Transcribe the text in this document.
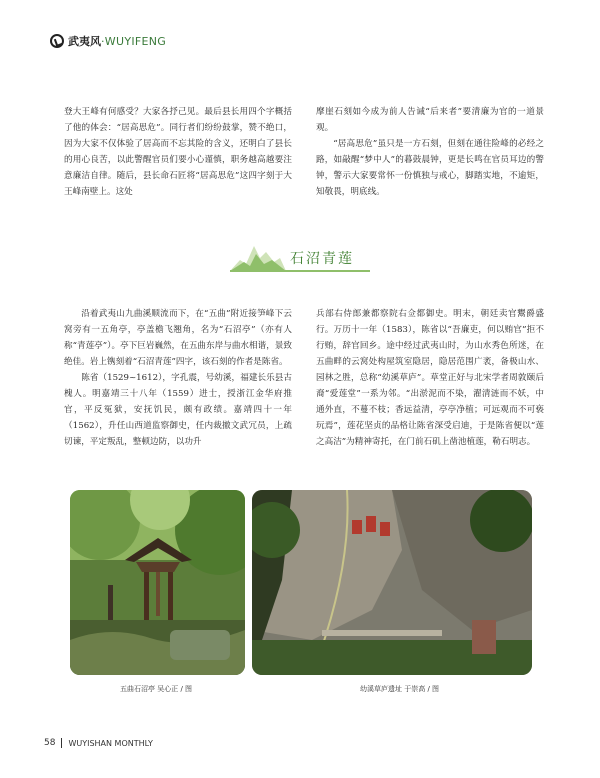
武夷风 · WUYIFENG

登大王峰有何感受？大家各抒己见。最后县长用四个字概括了他的体会：“居高思危”。同行者们纷纷鼓掌，赞不绝口，因为大家不仅体验了居高而不忘其险的含义，还明白了县长的用心良苦，以此警醒官员们要小心谨慎，职务越高越要注意廉洁自律。随后，县长命石匠将“居高思危”这四字刻于大王峰南壁上。这处

摩崖石刻如今成为前人告诫“后来者”要清廉为官的一道景观。

“居高思危”虽只是一方石刻，但刻在通往险峰的必经之路，如敲醒“梦中人”的暮鼓晨钟，更是长鸣在官员耳边的警钟，警示大家要常怀一份慎独与戒心，脚踏实地，不逾矩，知敬畏，明底线。

石沼青莲

沿着武夷山九曲溪顺流而下，在“五曲”附近接笋峰下云窝旁有一五角亭，亭盖檐飞翘角，名为“石沼亭”（亦有人称“青莲亭”）。亭下巨岩巍然，在五曲东岸与曲水相谐，景致绝佳。岩上镌刻着“石沼青莲”四字，该石刻的作者是陈省。

陈省（1529~1612），字孔震，号幼溪，福建长乐县古槐人。明嘉靖三十八年（1559）进士，授浙江金华府推官，平反冤狱，安抚饥民，颇有政绩。嘉靖四十一年（1562），升任山西道监察御史，任内裁撤文武冗员，上疏切谏，平定叛乱，整顿边防，以功升

兵部右侍郎兼都察院右佥都御史。明末，朝廷卖官鬻爵盛行。万历十一年（1583），陈省以“吾廉吏，何以贿官”拒不行贿，辞官回乡。途中经过武夷山时，为山水秀色所迷，在五曲畔的云窝处构屋筑室隐居，隐居范围广袤，备极山水、园林之胜，总称“幼溪草庐”。草堂正好与北宋学者周敦颐后裔“爱莲堂”一系为邻。“出淤泥而不染，濯清涟而不妖，中通外直，不蔓不枝；香远益清，亭亭净植；可远观而不可亵玩焉”，莲花坚贞的品格让陈省深受启迪，于是陈省便以“莲之高洁”为精神寄托，在门前石矶上凿池植莲，勒石明志。

五曲石沼亭 吴心正 / 图	幼溪草庐遗址 于崇高 / 图
58 WUYISHAN MONTHLY
